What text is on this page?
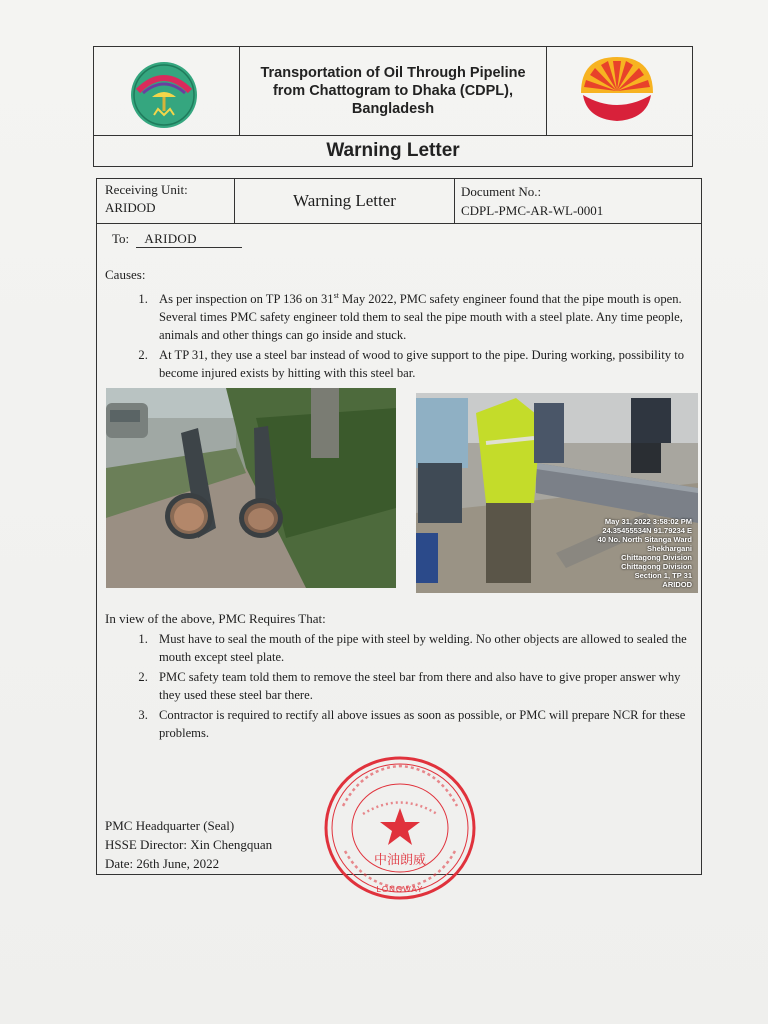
Transportation of Oil Through Pipeline
from Chattogram to Dhaka (CDPL),
Bangladesh
Warning Letter
Receiving Unit:
ARIDOD	Warning Letter	Document No.:
CDPL-PMC-AR-WL-0001
To: ARIDOD
Causes:
1. As per inspection on TP 136 on 31st May 2022, PMC safety engineer found that the pipe mouth is open. Several times PMC safety engineer told them to seal the pipe mouth with a steel plate. Any time people, animals and other things can go inside and stuck.
2. At TP 31, they use a steel bar instead of wood to give support to the pipe. During working, possibility to become injured exists by hitting with this steel bar.
May 31, 2022 3:58:02 PM
24.35455534N 91.79234 E
40 No. North Sitanga Ward
Shekhargani
Chittagong Division
Chittagong Division
Section 1, TP 31
ARIDOD
In view of the above, PMC Requires That:
1. Must have to seal the mouth of the pipe with steel by welding. No other objects are allowed to sealed the mouth except steel plate.
2. PMC safety team told them to remove the steel bar from there and also have to give proper answer why they used these steel bar there.
3. Contractor is required to rectify all above issues as soon as possible, or PMC will prepare NCR for these problems.
PMC Headquarter (Seal)
HSSE Director: Xin Chengquan
Date: 26th June, 2022	中油朗威
LONGWAY
